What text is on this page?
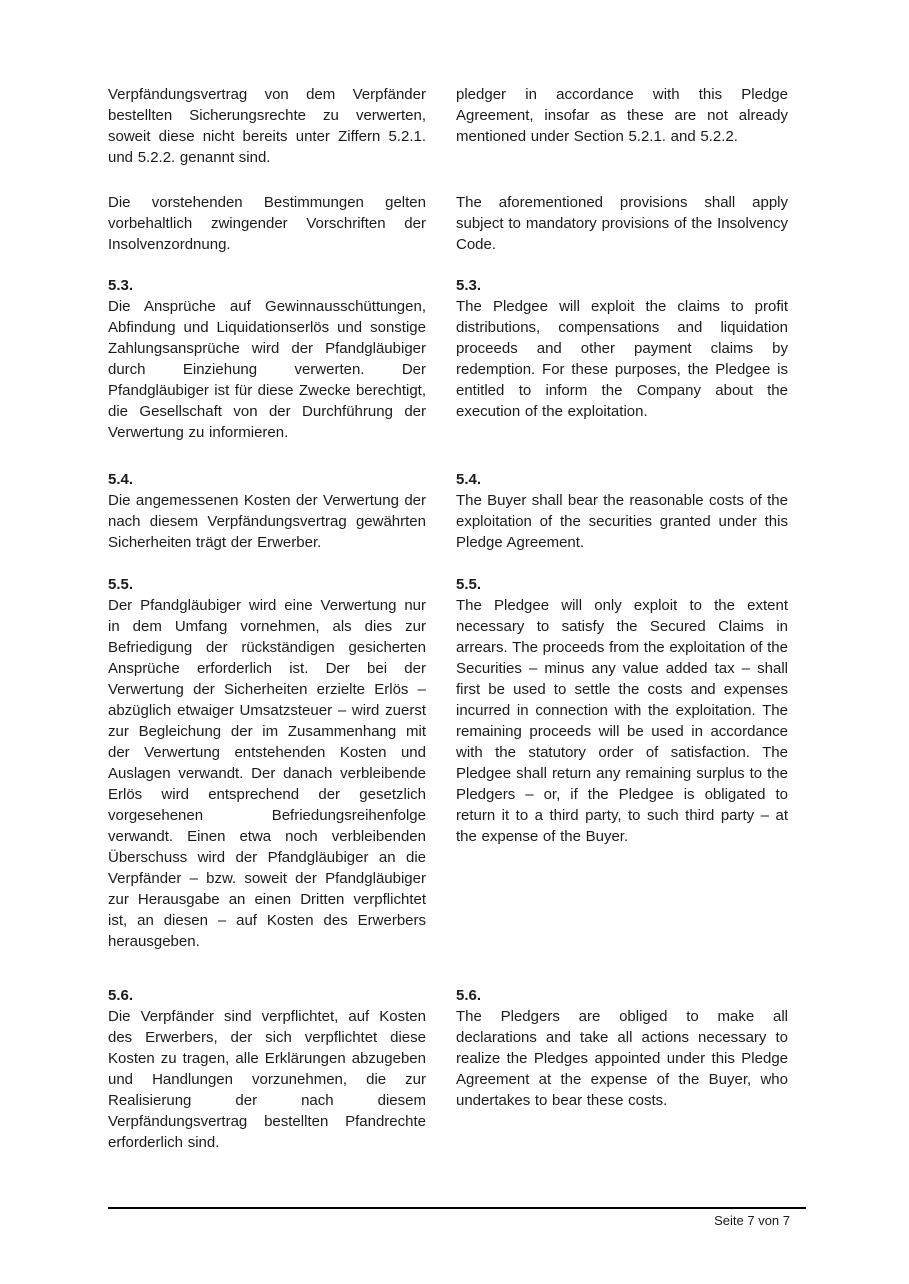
Verpfändungsvertrag von dem Verpfänder bestellten Sicherungsrechte zu verwerten, soweit diese nicht bereits unter Ziffern 5.2.1. und 5.2.2. genannt sind.

pledger in accordance with this Pledge Agreement, insofar as these are not already mentioned under Section 5.2.1. and 5.2.2.

Die vorstehenden Bestimmungen gelten vorbehaltlich zwingender Vorschriften der Insolvenzordnung.

The aforementioned provisions shall apply subject to mandatory provisions of the Insolvency Code.

5.3.

Die Ansprüche auf Gewinnausschüttungen, Abfindung und Liquidationserlös und sonstige Zahlungsansprüche wird der Pfandgläubiger durch Einziehung verwerten. Der Pfandgläubiger ist für diese Zwecke berechtigt, die Gesellschaft von der Durchführung der Verwertung zu informieren.

5.3.

The Pledgee will exploit the claims to profit distributions, compensations and liquidation proceeds and other payment claims by redemption. For these purposes, the Pledgee is entitled to inform the Company about the execution of the exploitation.

5.4.

Die angemessenen Kosten der Verwertung der nach diesem Verpfändungsvertrag gewährten Sicherheiten trägt der Erwerber.

5.4.

The Buyer shall bear the reasonable costs of the exploitation of the securities granted under this Pledge Agreement.

5.5.

Der Pfandgläubiger wird eine Verwertung nur in dem Umfang vornehmen, als dies zur Befriedigung der rückständigen gesicherten Ansprüche erforderlich ist. Der bei der Verwertung der Sicherheiten erzielte Erlös – abzüglich etwaiger Umsatzsteuer – wird zuerst zur Begleichung der im Zusammenhang mit der Verwertung entstehenden Kosten und Auslagen verwandt. Der danach verbleibende Erlös wird entsprechend der gesetzlich vorgesehenen Befriedungsreihenfolge verwandt. Einen etwa noch verbleibenden Überschuss wird der Pfandgläubiger an die Verpfänder – bzw. soweit der Pfandgläubiger zur Herausgabe an einen Dritten verpflichtet ist, an diesen – auf Kosten des Erwerbers herausgeben.

5.5.

The Pledgee will only exploit to the extent necessary to satisfy the Secured Claims in arrears. The proceeds from the exploitation of the Securities – minus any value added tax – shall first be used to settle the costs and expenses incurred in connection with the exploitation. The remaining proceeds will be used in accordance with the statutory order of satisfaction. The Pledgee shall return any remaining surplus to the Pledgers – or, if the Pledgee is obligated to return it to a third party, to such third party – at the expense of the Buyer.

5.6.

Die Verpfänder sind verpflichtet, auf Kosten des Erwerbers, der sich verpflichtet diese Kosten zu tragen, alle Erklärungen abzugeben und Handlungen vorzunehmen, die zur Realisierung der nach diesem Verpfändungsvertrag bestellten Pfandrechte erforderlich sind.

5.6.

The Pledgers are obliged to make all declarations and take all actions necessary to realize the Pledges appointed under this Pledge Agreement at the expense of the Buyer, who undertakes to bear these costs.

Seite 7 von 7
